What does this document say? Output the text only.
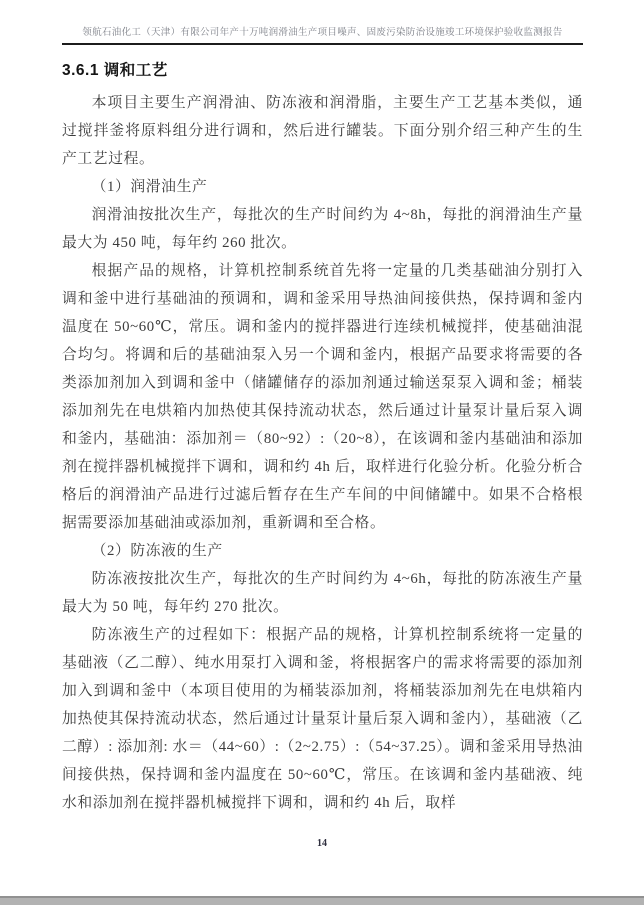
领航石油化工（天津）有限公司年产十万吨润滑油生产项目噪声、固废污染防治设施竣工环境保护验收监测报告
3.6.1 调和工艺

本项目主要生产润滑油、防冻液和润滑脂，主要生产工艺基本类似，通过搅拌釜将原料组分进行调和，然后进行罐装。下面分别介绍三种产生的生产工艺过程。

（1）润滑油生产

润滑油按批次生产，每批次的生产时间约为 4~8h，每批的润滑油生产量最大为 450 吨，每年约 260 批次。

根据产品的规格，计算机控制系统首先将一定量的几类基础油分别打入调和釜中进行基础油的预调和，调和釜采用导热油间接供热，保持调和釜内温度在 50~60℃，常压。调和釜内的搅拌器进行连续机械搅拌，使基础油混合均匀。将调和后的基础油泵入另一个调和釜内，根据产品要求将需要的各类添加剂加入到调和釜中（储罐储存的添加剂通过输送泵泵入调和釜；桶装添加剂先在电烘箱内加热使其保持流动状态，然后通过计量泵计量后泵入调和釜内，基础油：添加剂＝（80~92）:（20~8），在该调和釜内基础油和添加剂在搅拌器机械搅拌下调和，调和约 4h 后，取样进行化验分析。化验分析合格后的润滑油产品进行过滤后暂存在生产车间的中间储罐中。如果不合格根据需要添加基础油或添加剂，重新调和至合格。

（2）防冻液的生产

防冻液按批次生产，每批次的生产时间约为 4~6h，每批的防冻液生产量最大为 50 吨，每年约 270 批次。

防冻液生产的过程如下：根据产品的规格，计算机控制系统将一定量的基础液（乙二醇）、纯水用泵打入调和釜，将根据客户的需求将需要的添加剂加入到调和釜中（本项目使用的为桶装添加剂，将桶装添加剂先在电烘箱内加热使其保持流动状态，然后通过计量泵计量后泵入调和釜内），基础液（乙二醇）: 添加剂: 水＝（44~60）:（2~2.75）:（54~37.25）。调和釜采用导热油间接供热，保持调和釜内温度在 50~60℃，常压。在该调和釜内基础液、纯水和添加剂在搅拌器机械搅拌下调和，调和约 4h 后，取样

14
